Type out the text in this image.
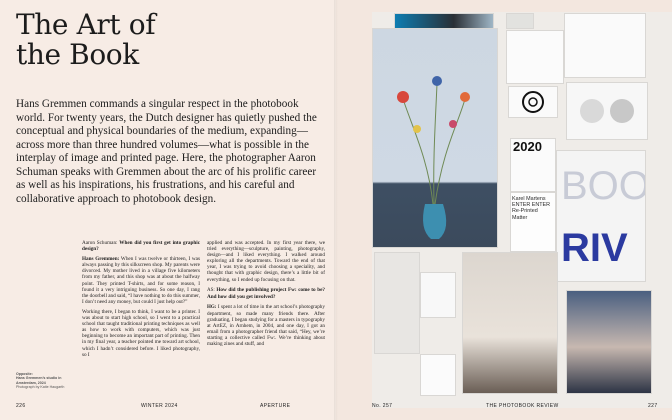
The Art of
the Book
Hans Gremmen commands a singular respect in the photobook world. For twenty years, the Dutch designer has quietly pushed the conceptual and physical boundaries of the medium, expanding—across more than three hundred volumes—what is possible in the interplay of image and printed page. Here, the photographer Aaron Schuman speaks with Gremmen about the arc of his prolific career as well as his inspirations, his frustrations, and his careful and collaborative approach to photobook design.

Aaron Schuman: When did you first get into graphic design?

Hans Gremmen: When I was twelve or thirteen, I was always passing by this silkscreen shop. My parents were divorced. My mother lived in a village five kilometers from my father, and this shop was at about the halfway point. They printed T-shirts, and for some reason, I found it a very intriguing business. So one day, I rang the doorbell and said, “I have nothing to do this summer, I don’t need any money, but could I just help out?”

Working there, I began to think, I want to be a printer. I was about to start high school, so I went to a practical school that taught traditional printing techniques as well as how to work with computers, which was just beginning to become an important part of printing. Then in my final year, a teacher pointed me toward art school, which I hadn’t considered before. I liked photography, so I

applied and was accepted. In my first year there, we tried everything—sculpture, painting, photography, design—and I liked everything. I walked around exploring all the departments. Toward the end of that year, I was trying to avoid choosing a speciality, and thought that with graphic design, there’s a little bit of everything, so I ended up focusing on that.

AS: How did the publishing project Fw: come to be? And how did you get involved?

HG: I spent a lot of time in the art school’s photography department, so made many friends there. After graduating, I began studying for a masters in typography at ArtEZ, in Arnhem, in 2004, and one day, I got an email from a photographer friend that said, “Hey, we’re starting a collective called Fw:. We’re thinking about making zines and stuff, and

Opposite:
Hans Gremmen’s studio in Amsterdam, 2024
Photograph by Katie Haugarth
226	WINTER 2024	APERTURE
2020
BOO
RIV
Karel Martens ENTER ENTER Re-Printed Matter
No. 257	THE PHOTOBOOK REVIEW	227
